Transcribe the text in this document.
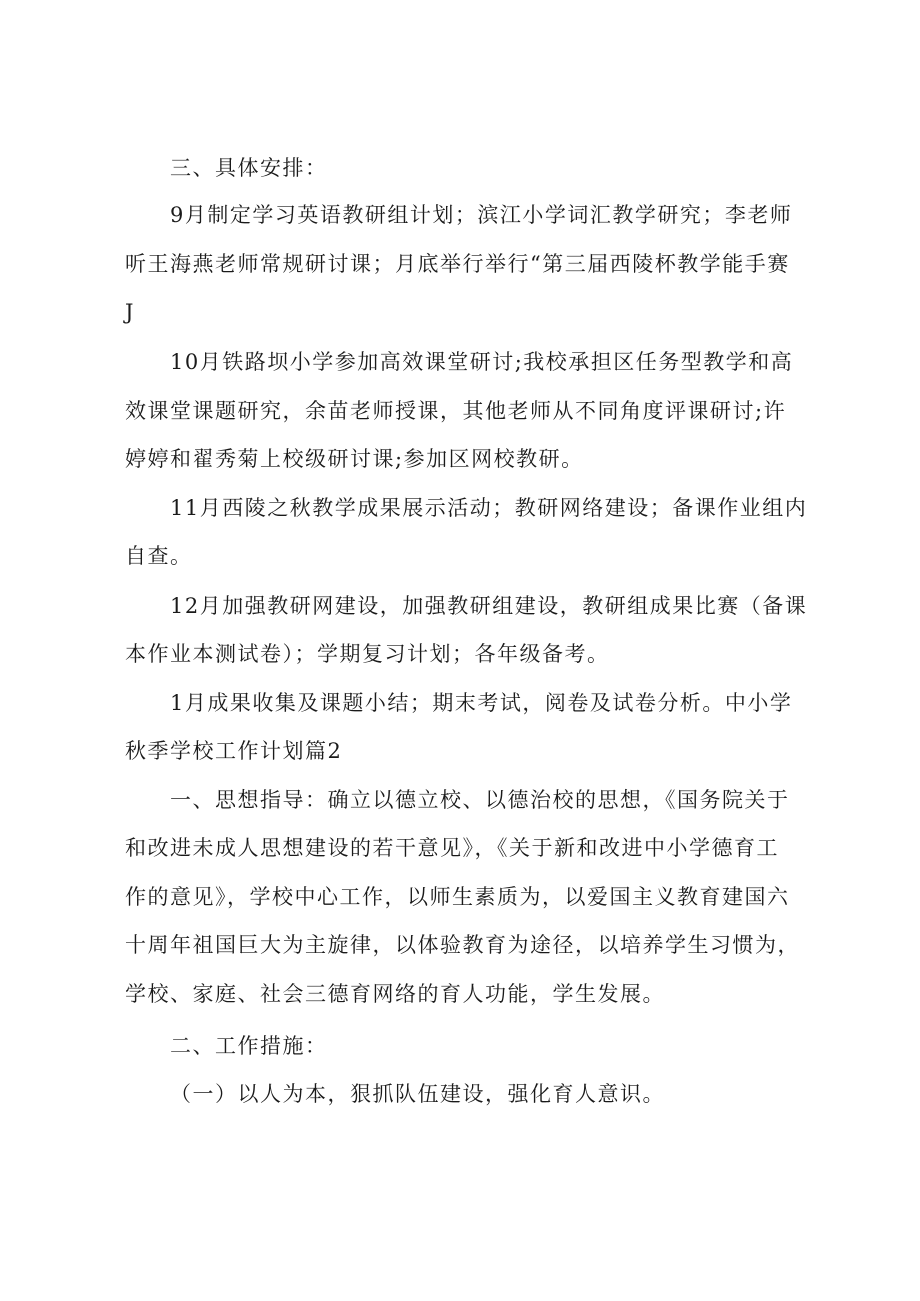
三、具体安排：
9月制定学习英语教研组计划；滨江小学词汇教学研究；李老师
听王海燕老师常规研讨课；月底举行举行“第三届西陵杯教学能手赛
J
10月铁路坝小学参加高效课堂研讨;我校承担区任务型教学和高
效课堂课题研究，余苗老师授课，其他老师从不同角度评课研讨;许
婷婷和翟秀菊上校级研讨课;参加区网校教研。
11月西陵之秋教学成果展示活动；教研网络建设；备课作业组内
自查。
12月加强教研网建设，加强教研组建设，教研组成果比赛（备课
本作业本测试卷）；学期复习计划；各年级备考。
1月成果收集及课题小结；期末考试，阅卷及试卷分析。中小学
秋季学校工作计划篇2
一、思想指导：确立以德立校、以德治校的思想，《国务院关于
和改进未成人思想建设的若干意见》，《关于新和改进中小学德育工
作的意见》，学校中心工作，以师生素质为，以爱国主义教育建国六
十周年祖国巨大为主旋律，以体验教育为途径，以培养学生习惯为，
学校、家庭、社会三德育网络的育人功能，学生发展。
二、工作措施：
（一）以人为本，狠抓队伍建设，强化育人意识。
